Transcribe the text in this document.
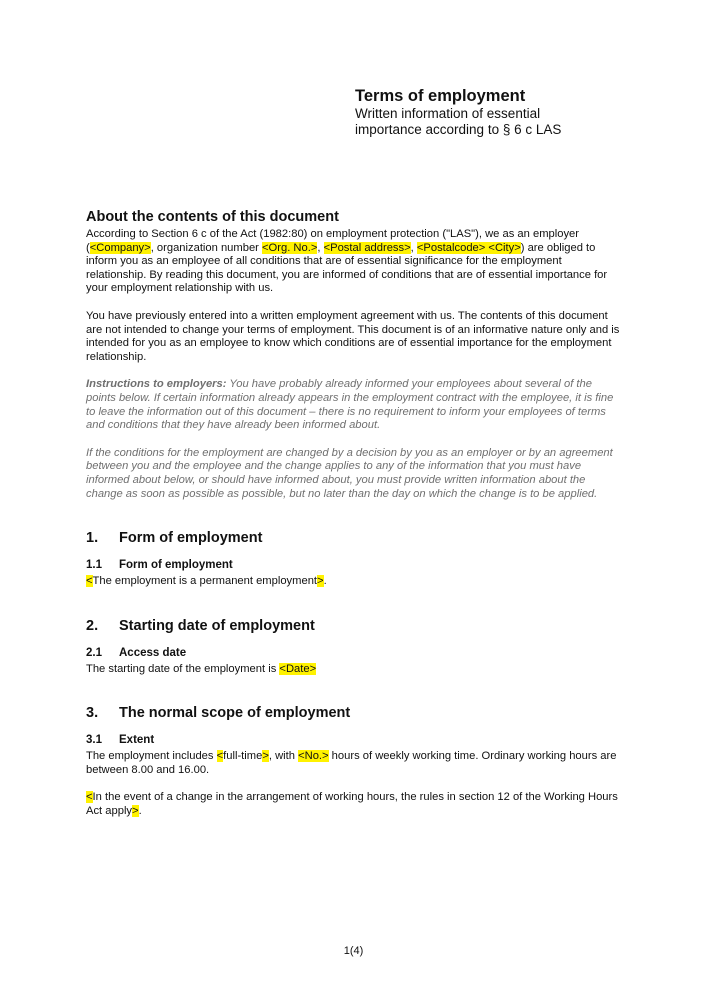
Terms of employment
Written information of essential
importance according to § 6 c LAS
About the contents of this document

According to Section 6 c of the Act (1982:80) on employment protection ("LAS"), we as an employer (<Company>, organization number <Org. No.>, <Postal address>, <Postalcode> <City>) are obliged to inform you as an employee of all conditions that are of essential significance for the employment relationship. By reading this document, you are informed of conditions that are of essential importance for your employment relationship with us.

You have previously entered into a written employment agreement with us. The contents of this document are not intended to change your terms of employment. This document is of an informative nature only and is intended for you as an employee to know which conditions are of essential importance for the employment relationship.

Instructions to employers: You have probably already informed your employees about several of the points below. If certain information already appears in the employment contract with the employee, it is fine to leave the information out of this document – there is no requirement to inform your employees of terms and conditions that they have already been informed about.

If the conditions for the employment are changed by a decision by you as an employer or by an agreement between you and the employee and the change applies to any of the information that you must have informed about below, or should have informed about, you must provide written information about the change as soon as possible as possible, but no later than the day on which the change is to be applied.

1.	Form of employment
1.1	Form of employment

<The employment is a permanent employment>.

2.	Starting date of employment
2.1	Access date

The starting date of the employment is <Date>

3.	The normal scope of employment
3.1	Extent

The employment includes <full-time>, with <No.> hours of weekly working time. Ordinary working hours are between 8.00 and 16.00.

<In the event of a change in the arrangement of working hours, the rules in section 12 of the Working Hours Act apply>.

1(4)
